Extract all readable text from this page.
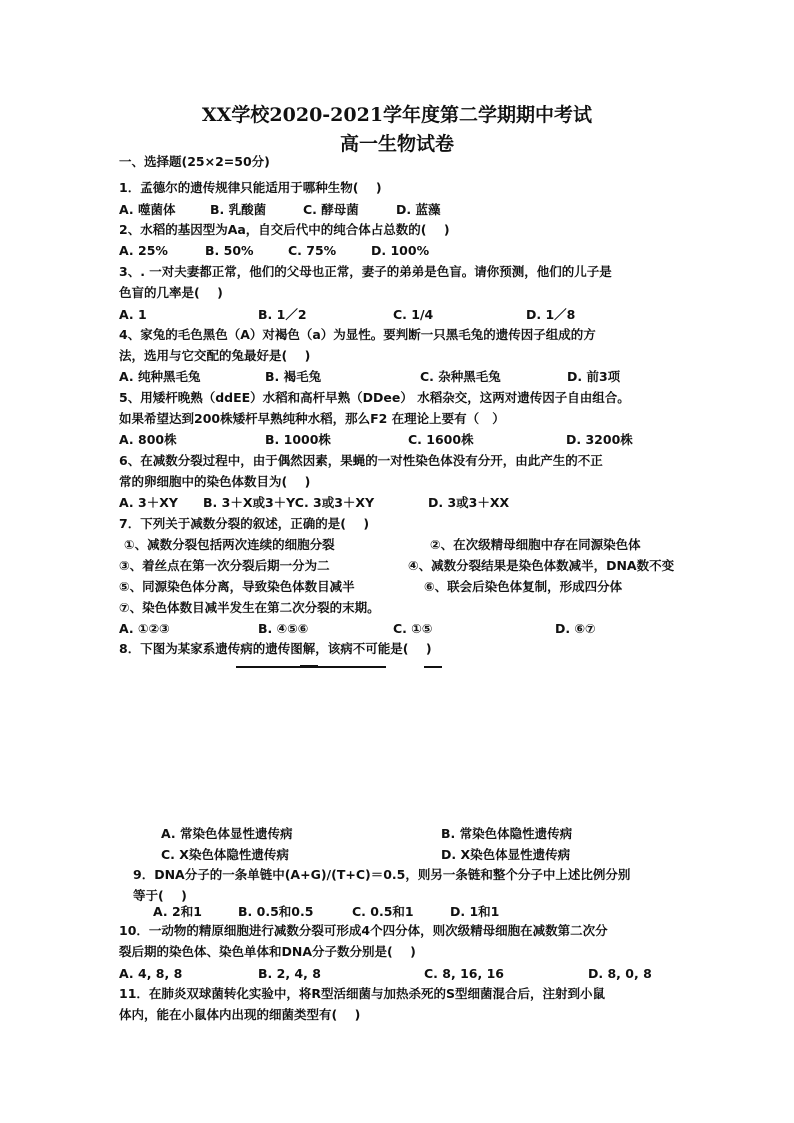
XX学校2020-2021学年度第二学期期中考试
高一生物试卷
一、选择题(25×2=50分)
1．孟德尔的遗传规律只能适用于哪种生物(    )
A. 噬菌体	B. 乳酸菌	C. 酵母菌	D. 蓝藻
2、水稻的基因型为Aa，自交后代中的纯合体占总数的(    )
A. 25%	B. 50%	C. 75%	D. 100%
3、. 一对夫妻都正常，他们的父母也正常，妻子的弟弟是色盲。请你预测，他们的儿子是
色盲的几率是(    )
A. 1	B. 1／2	C. 1/4	D. 1／8
4、家兔的毛色黑色（A）对褐色（a）为显性。要判断一只黑毛兔的遗传因子组成的方
法，选用与它交配的兔最好是(    )
A. 纯种黑毛兔	B. 褐毛兔	C. 杂种黑毛兔	D. 前3项
5、用矮杆晚熟（ddEE）水稻和高杆早熟（DDee） 水稻杂交，这两对遗传因子自由组合。
如果希望达到200株矮杆早熟纯种水稻，那么F2 在理论上要有（   ）
A. 800株	B. 1000株	C. 1600株	D. 3200株
6、在减数分裂过程中，由于偶然因素，果蝇的一对性染色体没有分开，由此产生的不正
常的卵细胞中的染色体数目为(    )
A. 3＋XY B. 3＋X或3＋YC. 3或3＋XY	D. 3或3＋XX
7．下列关于减数分裂的叙述，正确的是(    )
①、减数分裂包括两次连续的细胞分裂	②、在次级精母细胞中存在同源染色体
③、着丝点在第一次分裂后期一分为二	④、减数分裂结果是染色体数减半，DNA数不变
⑤、同源染色体分离，导致染色体数目减半	⑥、联会后染色体复制，形成四分体
⑦、染色体数目减半发生在第二次分裂的末期。
A. ①②③	B. ④⑤⑥	C. ①⑤	D. ⑥⑦
8．下图为某家系遗传病的遗传图解，该病不可能是(    )
A. 常染色体显性遗传病	B. 常染色体隐性遗传病
C. X染色体隐性遗传病	D. X染色体显性遗传病
9．DNA分子的一条单链中(A+G)/(T+C)＝0.5，则另一条链和整个分子中上述比例分别
等于(    )
A. 2和1	B. 0.5和0.5	C. 0.5和1	D. 1和1
10．一动物的精原细胞进行减数分裂可形成4个四分体，则次级精母细胞在减数第二次分
裂后期的染色体、染色单体和DNA分子数分别是(    )
A. 4, 8, 8	B. 2, 4, 8	C. 8, 16, 16	D. 8, 0, 8
11．在肺炎双球菌转化实验中，将R型活细菌与加热杀死的S型细菌混合后，注射到小鼠
体内，能在小鼠体内出现的细菌类型有(    )
